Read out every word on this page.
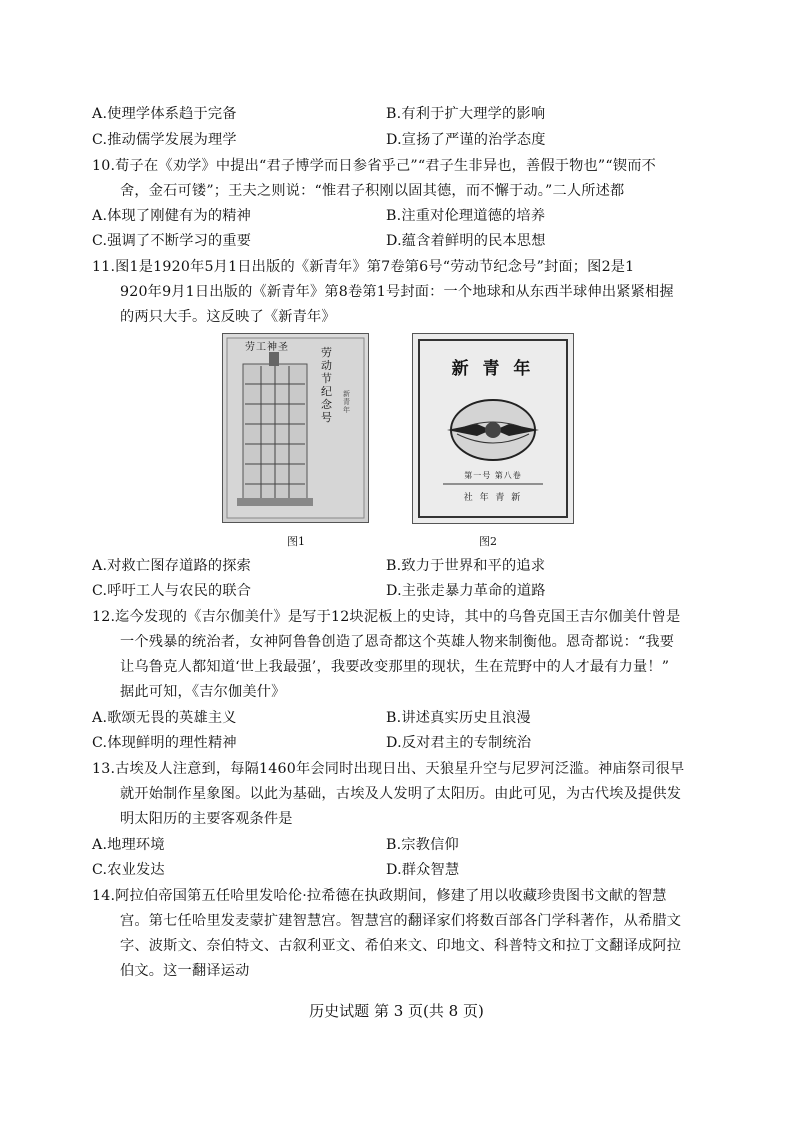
A.使理学体系趋于完备	B.有利于扩大理学的影响
C.推动儒学发展为理学	D.宣扬了严谨的治学态度
10.荀子在《劝学》中提出“君子博学而日参省乎己”“君子生非异也，善假于物也”“锲而不
舍，金石可镂”；王夫之则说：“惟君子积刚以固其德，而不懈于动。”二人所述都
A.体现了刚健有为的精神	B.注重对伦理道德的培养
C.强调了不断学习的重要	D.蕴含着鲜明的民本思想
11.图1是1920年5月1日出版的《新青年》第7卷第6号“劳动节纪念号”封面；图2是1
920年9月1日出版的《新青年》第8卷第1号封面：一个地球和从东西半球伸出紧紧相握
的两只大手。这反映了《新青年》
劳工神圣	劳动节纪念号
新青年
新 青 年
第一号 第八卷
社 年 青 新
图1	图2
A.对救亡图存道路的探索	B.致力于世界和平的追求
C.呼吁工人与农民的联合	D.主张走暴力革命的道路
12.迄今发现的《吉尔伽美什》是写于12块泥板上的史诗，其中的乌鲁克国王吉尔伽美什曾是
一个残暴的统治者，女神阿鲁鲁创造了恩奇都这个英雄人物来制衡他。恩奇都说：“我要
让乌鲁克人都知道‘世上我最强’，我要改变那里的现状，生在荒野中的人才最有力量！”
据此可知，《吉尔伽美什》
A.歌颂无畏的英雄主义	B.讲述真实历史且浪漫
C.体现鲜明的理性精神	D.反对君主的专制统治
13.古埃及人注意到，每隔1460年会同时出现日出、天狼星升空与尼罗河泛滥。神庙祭司很早
就开始制作星象图。以此为基础，古埃及人发明了太阳历。由此可见，为古代埃及提供发
明太阳历的主要客观条件是
A.地理环境	B.宗教信仰
C.农业发达	D.群众智慧
14.阿拉伯帝国第五任哈里发哈伦·拉希德在执政期间，修建了用以收藏珍贵图书文献的智慧
宫。第七任哈里发麦蒙扩建智慧宫。智慧宫的翻译家们将数百部各门学科著作，从希腊文
字、波斯文、奈伯特文、古叙利亚文、希伯来文、印地文、科普特文和拉丁文翻译成阿拉
伯文。这一翻译运动
历史试题 第 3 页(共 8 页)
